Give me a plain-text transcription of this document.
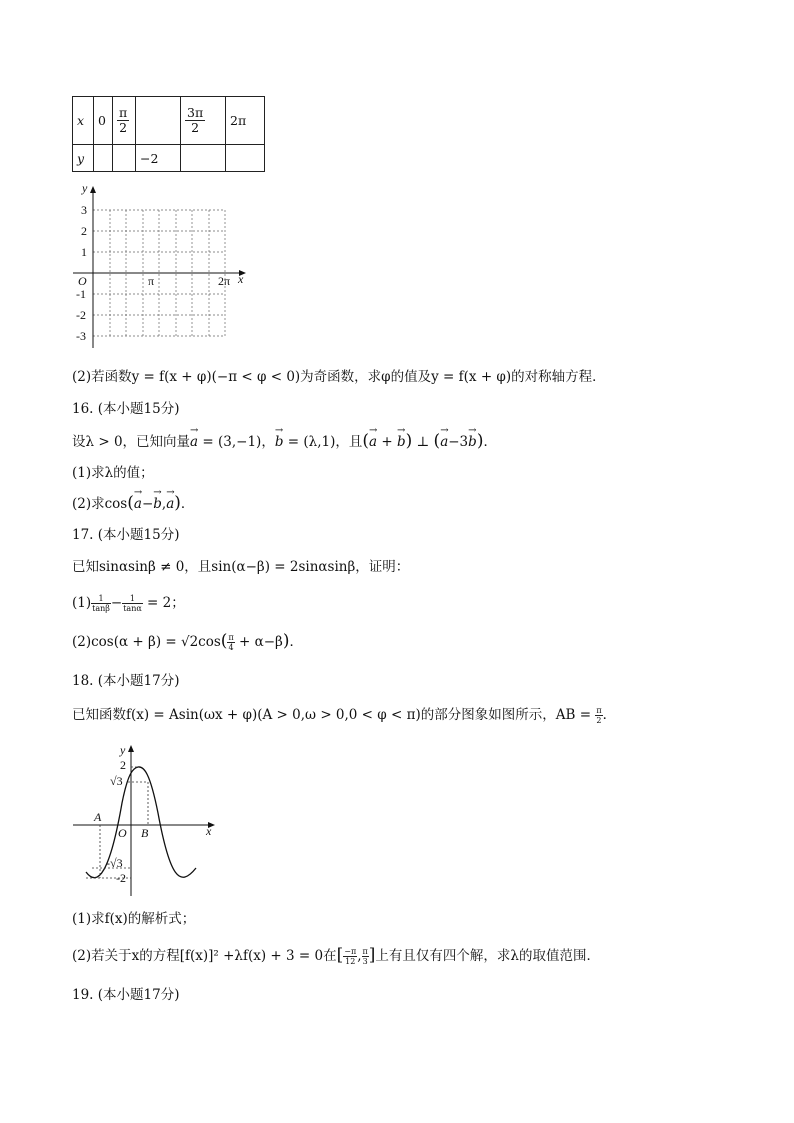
x	0	$\frac{\pi}{2}$		$\frac{3\pi}{2}$	2π
y			−2		
y
x
O
3
2
1
-1
-2
-3
π	2π
(2)若函数y = f(x + φ)(−π < φ < 0)为奇函数，求φ的值及y = f(x + φ)的对称轴方程．
16. (本小题15分)
设λ > 0，已知向量→ a = (3,−1)，→ b = (λ,1)，且(→ a + → b) ⊥ (→ a−3→ b)．
(1)求λ的值；
(2)求cos(→ a−→ b,→ a)．
17. (本小题15分)
已知sinαsinβ ≠ 0，且sin(α−β) = 2sinαsinβ，证明：
$(1) \frac{1}{\tan\beta} - \frac{1}{\tan\alpha} = 2$；
$(2)\cos(\alpha + \beta) = √2\cos( \frac{\pi}{4} + \alpha-\beta)$．
18. (本小题17分)
已知函数f(x) = Asin(ωx + φ)(A > 0,ω > 0,0 < φ < π)的部分图象如图所示，AB = $\frac{\pi}{2}$ ．
y
x
O
A
B
2
√3
-√3
-2
(1)求f(x)的解析式；
(2)若关于x的方程[f(x)]² +λf(x) + 3 = 0在[ $\frac{-\pi}{12}$ , $\frac{\pi}{3}$ ]上有且仅有四个解，求λ的取值范围．
19. (本小题17分)
